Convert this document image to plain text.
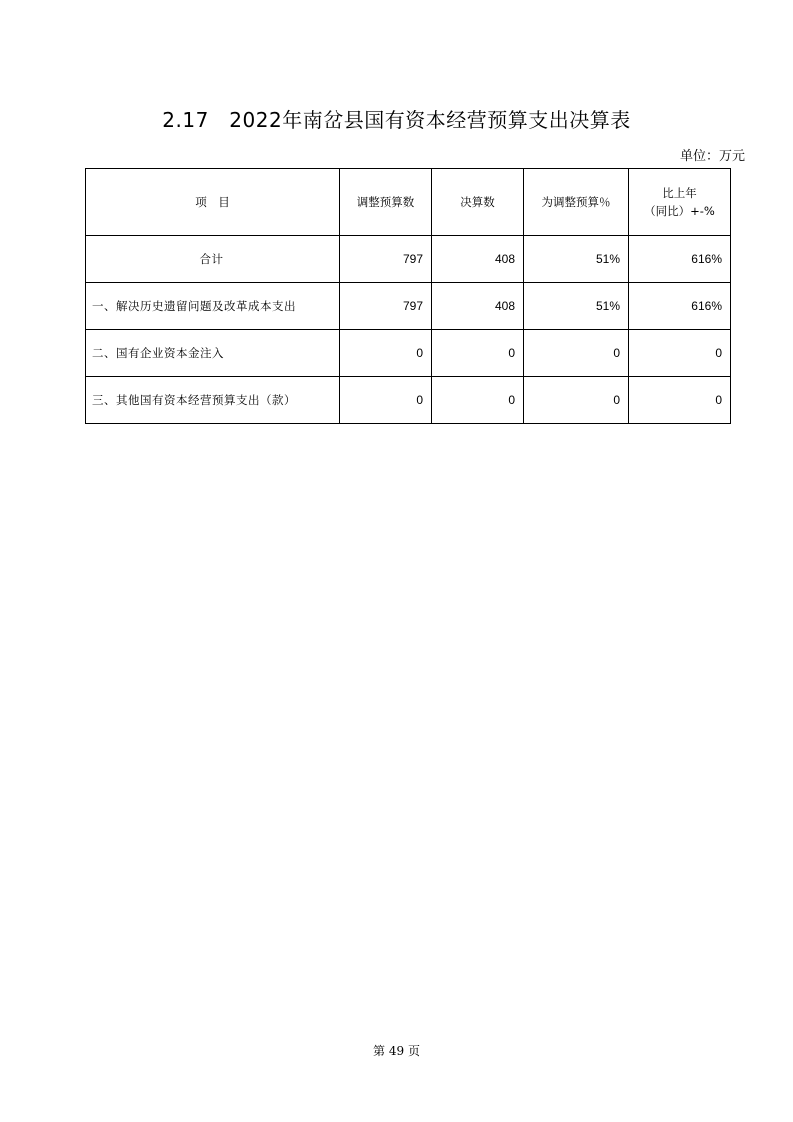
2.17　2022年南岔县国有资本经营预算支出决算表
单位：万元
项　目	调整预算数	决算数	为调整预算％	比上年
（同比）+-%

合计	797	408	51%	616%
一、解决历史遗留问题及改革成本支出	797	408	51%	616%
二、国有企业资本金注入	0	0	0	0
三、其他国有资本经营预算支出（款）	0	0	0	0
第 49 页
